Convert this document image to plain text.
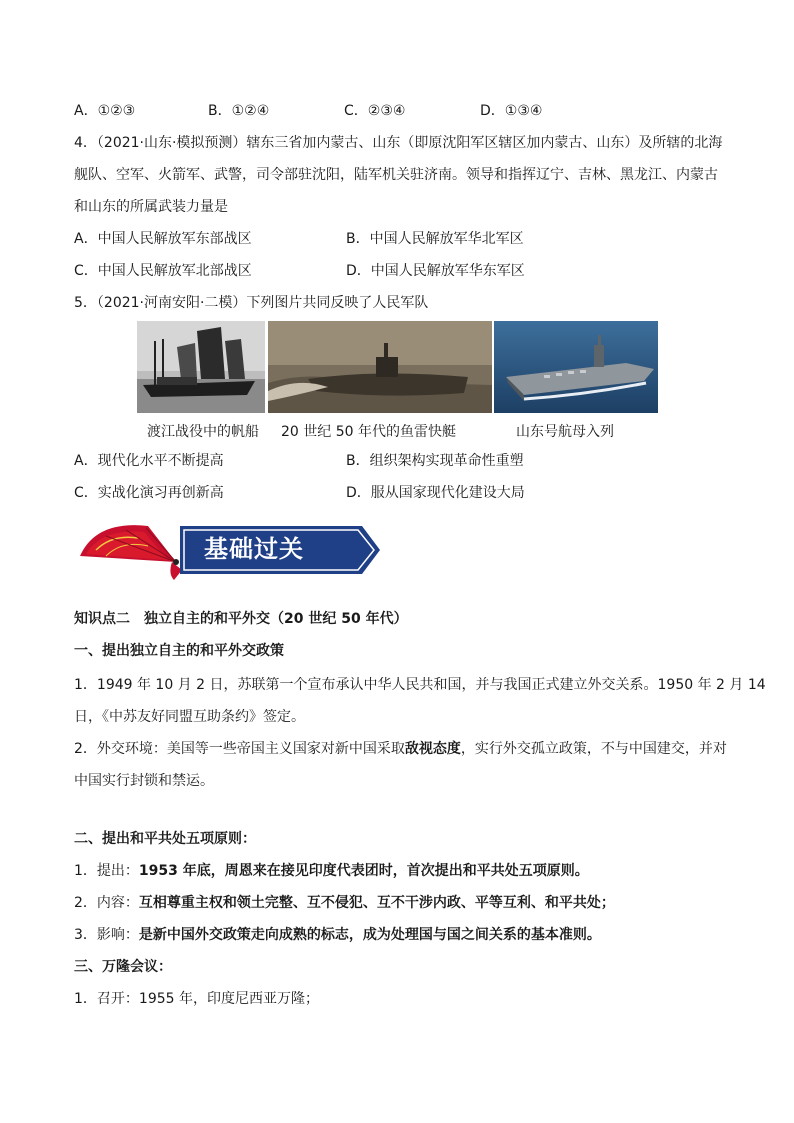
A．①②③	B．①②④	C．②③④	D．①③④
4．（2021·山东·模拟预测）辖东三省加内蒙古、山东（即原沈阳军区辖区加内蒙古、山东）及所辖的北海
舰队、空军、火箭军、武警，司令部驻沈阳，陆军机关驻济南。领导和指挥辽宁、吉林、黑龙江、内蒙古
和山东的所属武装力量是
A．中国人民解放军东部战区	B．中国人民解放军华北军区
C．中国人民解放军北部战区	D．中国人民解放军华东军区
5．（2021·河南安阳·二模）下列图片共同反映了人民军队
渡江战役中的帆船 20 世纪 50 年代的鱼雷快艇	山东号航母入列
A．现代化水平不断提高	B．组织架构实现革命性重塑
C．实战化演习再创新高	D．服从国家现代化建设大局
基础过关
知识点二　独立自主的和平外交（20 世纪 50 年代）
一、提出独立自主的和平外交政策
1．1949 年 10 月 2 日，苏联第一个宣布承认中华人民共和国，并与我国正式建立外交关系。1950 年 2 月 14
日，《中苏友好同盟互助条约》签定。
2．外交环境：美国等一些帝国主义国家对新中国采取敌视态度，实行外交孤立政策，不与中国建交，并对
中国实行封锁和禁运。
二、提出和平共处五项原则：
1．提出：1953 年底，周恩来在接见印度代表团时，首次提出和平共处五项原则。
2．内容：互相尊重主权和领土完整、互不侵犯、互不干涉内政、平等互利、和平共处；
3．影响：是新中国外交政策走向成熟的标志，成为处理国与国之间关系的基本准则。
三、万隆会议：
1．召开：1955 年，印度尼西亚万隆；
